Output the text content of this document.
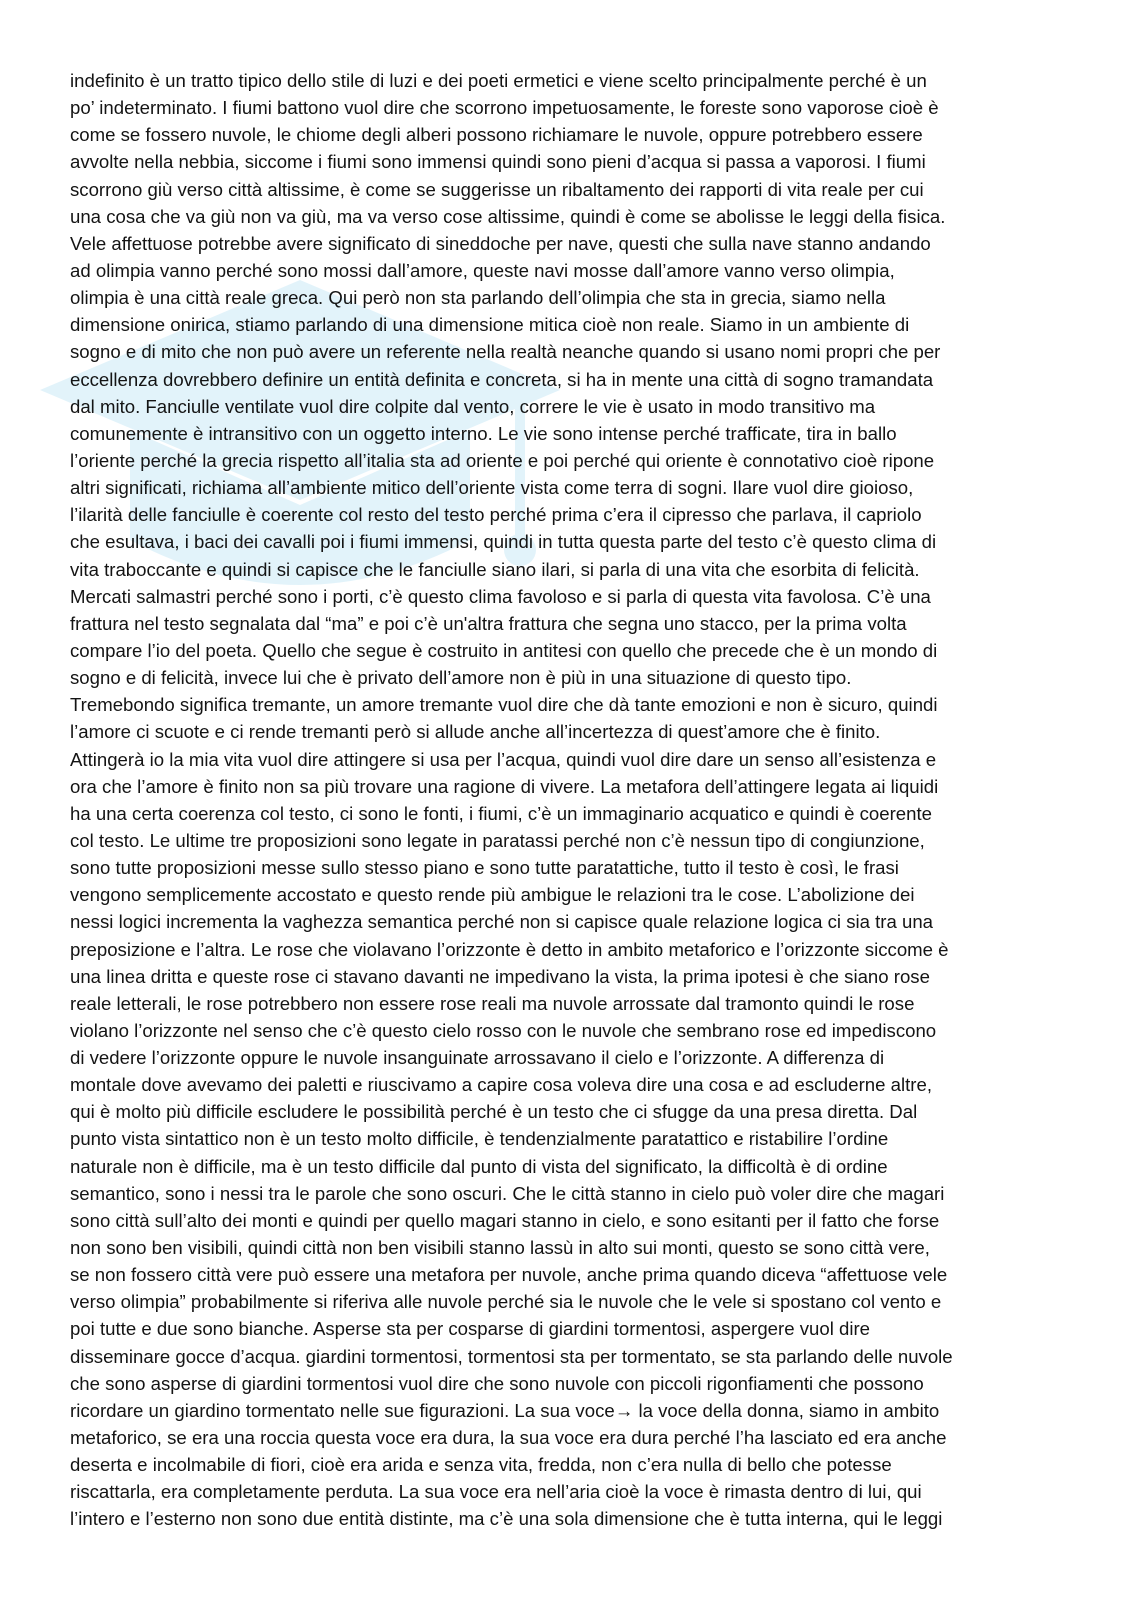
indefinito è un tratto tipico dello stile di luzi e dei poeti ermetici e viene scelto principalmente perché è un
po’ indeterminato. I fiumi battono vuol dire che scorrono impetuosamente, le foreste sono vaporose cioè è
come se fossero nuvole, le chiome degli alberi possono richiamare le nuvole, oppure potrebbero essere
avvolte nella nebbia, siccome i fiumi sono immensi quindi sono pieni d’acqua si passa a vaporosi. I fiumi
scorrono giù verso città altissime, è come se suggerisse un ribaltamento dei rapporti di vita reale per cui
una cosa che va giù non va giù, ma va verso cose altissime, quindi è come se abolisse le leggi della fisica.
Vele affettuose potrebbe avere significato di sineddoche per nave, questi che sulla nave stanno andando
ad olimpia vanno perché sono mossi dall’amore, queste navi mosse dall’amore vanno verso olimpia,
olimpia è una città reale greca. Qui però non sta parlando dell’olimpia che sta in grecia, siamo nella
dimensione onirica, stiamo parlando di una dimensione mitica cioè non reale. Siamo in un ambiente di
sogno e di mito che non può avere un referente nella realtà neanche quando si usano nomi propri che per
eccellenza dovrebbero definire un entità definita e concreta, si ha in mente una città di sogno tramandata
dal mito. Fanciulle ventilate vuol dire colpite dal vento, correre le vie è usato in modo transitivo ma
comunemente è intransitivo con un oggetto interno. Le vie sono intense perché trafficate, tira in ballo
l’oriente perché la grecia rispetto all’italia sta ad oriente e poi perché qui oriente è connotativo cioè ripone
altri significati, richiama all’ambiente mitico dell’oriente vista come terra di sogni. Ilare vuol dire gioioso,
l’ilarità delle fanciulle è coerente col resto del testo perché prima c’era il cipresso che parlava, il capriolo
che esultava, i baci dei cavalli poi i fiumi immensi, quindi in tutta questa parte del testo c’è questo clima di
vita traboccante e quindi si capisce che le fanciulle siano ilari, si parla di una vita che esorbita di felicità.
Mercati salmastri perché sono i porti, c’è questo clima favoloso e si parla di questa vita favolosa. C’è una
frattura nel testo segnalata dal “ma” e poi c’è un'altra frattura che segna uno stacco, per la prima volta
compare l’io del poeta. Quello che segue è costruito in antitesi con quello che precede che è un mondo di
sogno e di felicità, invece lui che è privato dell’amore non è più in una situazione di questo tipo.
Tremebondo significa tremante, un amore tremante vuol dire che dà tante emozioni e non è sicuro, quindi
l’amore ci scuote e ci rende tremanti però si allude anche all’incertezza di quest’amore che è finito.
Attingerà io la mia vita vuol dire attingere si usa per l’acqua, quindi vuol dire dare un senso all’esistenza e
ora che l’amore è finito non sa più trovare una ragione di vivere. La metafora dell’attingere legata ai liquidi
ha una certa coerenza col testo, ci sono le fonti, i fiumi, c’è un immaginario acquatico e quindi è coerente
col testo. Le ultime tre proposizioni sono legate in paratassi perché non c’è nessun tipo di congiunzione,
sono tutte proposizioni messe sullo stesso piano e sono tutte paratattiche, tutto il testo è così, le frasi
vengono semplicemente accostato e questo rende più ambigue le relazioni tra le cose. L’abolizione dei
nessi logici incrementa la vaghezza semantica perché non si capisce quale relazione logica ci sia tra una
preposizione e l’altra. Le rose che violavano l’orizzonte è detto in ambito metaforico e l’orizzonte siccome è
una linea dritta e queste rose ci stavano davanti ne impedivano la vista, la prima ipotesi è che siano rose
reale letterali, le rose potrebbero non essere rose reali ma nuvole arrossate dal tramonto quindi le rose
violano l’orizzonte nel senso che c’è questo cielo rosso con le nuvole che sembrano rose ed impediscono
di vedere l’orizzonte oppure le nuvole insanguinate arrossavano il cielo e l’orizzonte. A differenza di
montale dove avevamo dei paletti e riuscivamo a capire cosa voleva dire una cosa e ad escluderne altre,
qui è molto più difficile escludere le possibilità perché è un testo che ci sfugge da una presa diretta. Dal
punto vista sintattico non è un testo molto difficile, è tendenzialmente paratattico e ristabilire l’ordine
naturale non è difficile, ma è un testo difficile dal punto di vista del significato, la difficoltà è di ordine
semantico, sono i nessi tra le parole che sono oscuri. Che le città stanno in cielo può voler dire che magari
sono città sull’alto dei monti e quindi per quello magari stanno in cielo, e sono esitanti per il fatto che forse
non sono ben visibili, quindi città non ben visibili stanno lassù in alto sui monti, questo se sono città vere,
se non fossero città vere può essere una metafora per nuvole, anche prima quando diceva “affettuose vele
verso olimpia” probabilmente si riferiva alle nuvole perché sia le nuvole che le vele si spostano col vento e
poi tutte e due sono bianche. Asperse sta per cosparse di giardini tormentosi, aspergere vuol dire
disseminare gocce d’acqua. giardini tormentosi, tormentosi sta per tormentato, se sta parlando delle nuvole
che sono asperse di giardini tormentosi vuol dire che sono nuvole con piccoli rigonfiamenti che possono
ricordare un giardino tormentato nelle sue figurazioni. La sua voce→ la voce della donna, siamo in ambito
metaforico, se era una roccia questa voce era dura, la sua voce era dura perché l’ha lasciato ed era anche
deserta e incolmabile di fiori, cioè era arida e senza vita, fredda, non c’era nulla di bello che potesse
riscattarla, era completamente perduta. La sua voce era nell’aria cioè la voce è rimasta dentro di lui, qui
l’intero e l’esterno non sono due entità distinte, ma c’è una sola dimensione che è tutta interna, qui le leggi
